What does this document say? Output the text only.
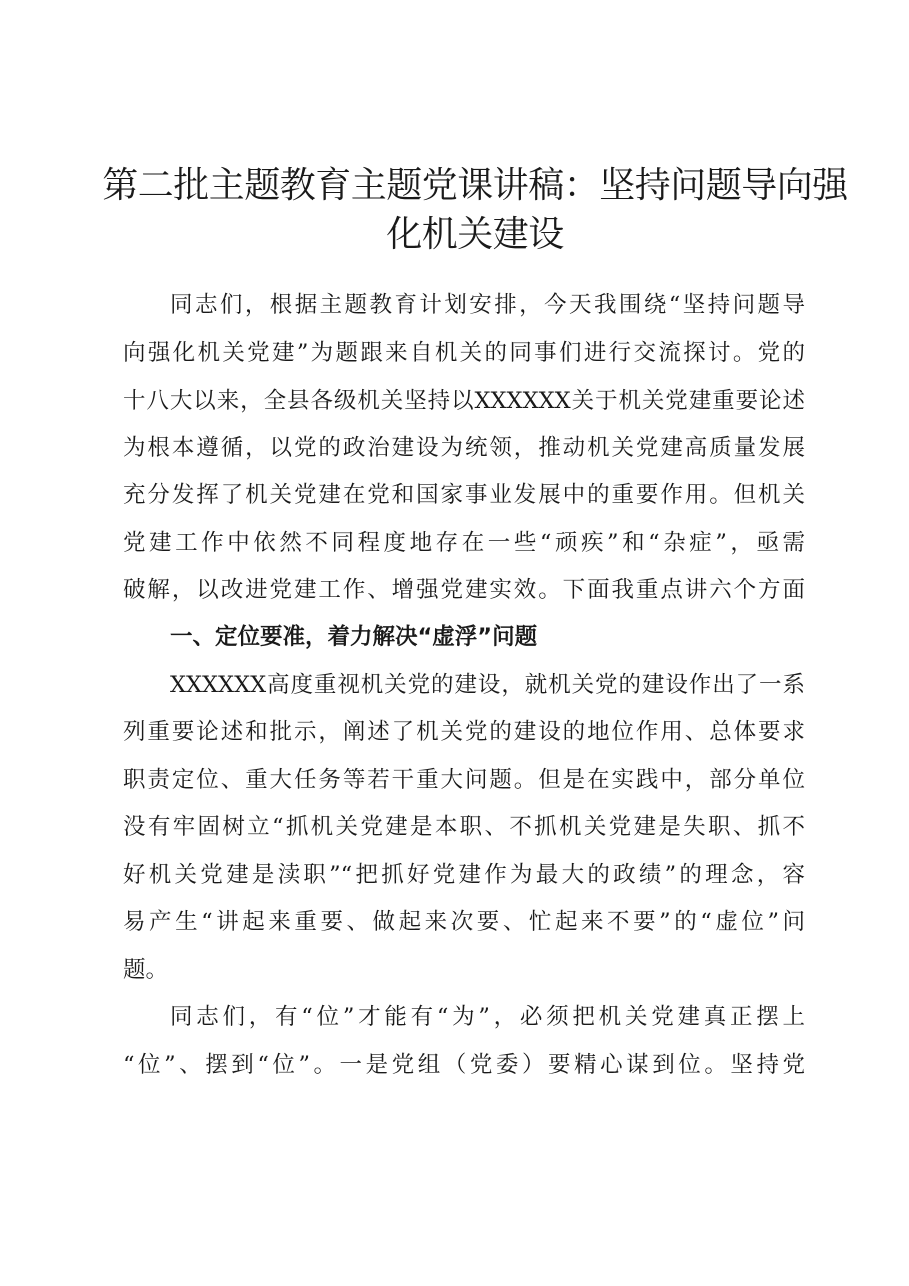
第二批主题教育主题党课讲稿：坚持问题导向强
化机关建设

同志们，根据主题教育计划安排，今天我围绕“坚持问题导

向强化机关党建”为题跟来自机关的同事们进行交流探讨。党的

十八大以来，全县各级机关坚持以XXXXXX关于机关党建重要论述

为根本遵循，以党的政治建设为统领，推动机关党建高质量发展

充分发挥了机关党建在党和国家事业发展中的重要作用。但机关

党建工作中依然不同程度地存在一些“顽疾”和“杂症”，亟需

破解，以改进党建工作、增强党建实效。下面我重点讲六个方面

一、定位要准，着力解决“虚浮”问题

XXXXXX高度重视机关党的建设，就机关党的建设作出了一系

列重要论述和批示，阐述了机关党的建设的地位作用、总体要求

职责定位、重大任务等若干重大问题。但是在实践中，部分单位

没有牢固树立“抓机关党建是本职、不抓机关党建是失职、抓不

好机关党建是渎职”“把抓好党建作为最大的政绩”的理念，容

易产生“讲起来重要、做起来次要、忙起来不要”的“虚位”问

题。

同志们，有“位”才能有“为”，必须把机关党建真正摆上

“位”、摆到“位”。一是党组（党委）要精心谋到位。坚持党
